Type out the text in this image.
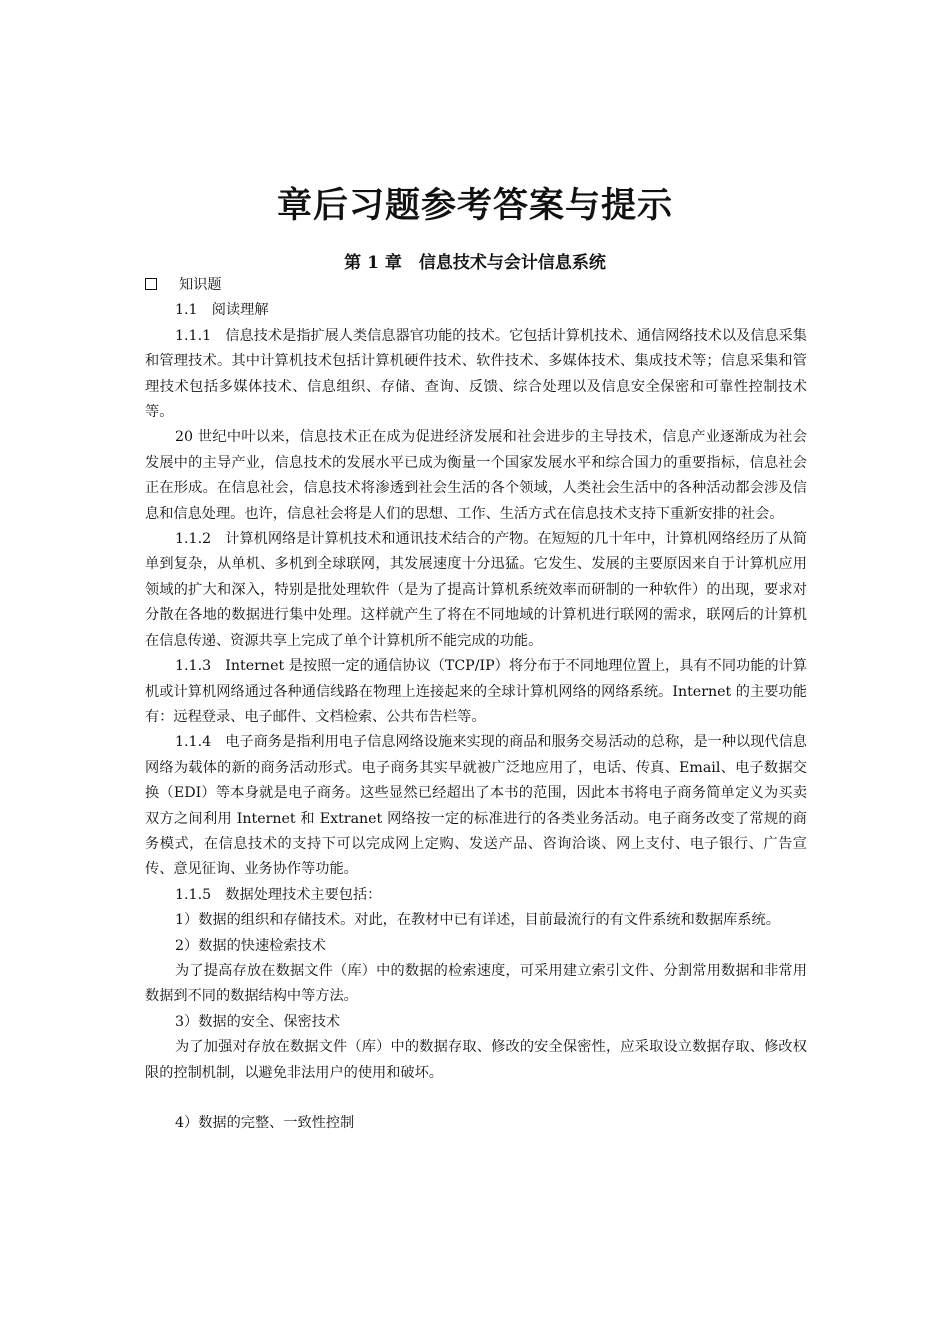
章后习题参考答案与提示
第 1 章　信息技术与会计信息系统

知识题

1.1　阅读理解

1.1.1　信息技术是指扩展人类信息器官功能的技术。它包括计算机技术、通信网络技术以及信息采集和管理技术。其中计算机技术包括计算机硬件技术、软件技术、多媒体技术、集成技术等；信息采集和管理技术包括多媒体技术、信息组织、存储、查询、反馈、综合处理以及信息安全保密和可靠性控制技术等。

20 世纪中叶以来，信息技术正在成为促进经济发展和社会进步的主导技术，信息产业逐渐成为社会发展中的主导产业，信息技术的发展水平已成为衡量一个国家发展水平和综合国力的重要指标，信息社会正在形成。在信息社会，信息技术将渗透到社会生活的各个领域，人类社会生活中的各种活动都会涉及信息和信息处理。也许，信息社会将是人们的思想、工作、生活方式在信息技术支持下重新安排的社会。

1.1.2　计算机网络是计算机技术和通讯技术结合的产物。在短短的几十年中，计算机网络经历了从简单到复杂，从单机、多机到全球联网，其发展速度十分迅猛。它发生、发展的主要原因来自于计算机应用领域的扩大和深入，特别是批处理软件（是为了提高计算机系统效率而研制的一种软件）的出现，要求对分散在各地的数据进行集中处理。这样就产生了将在不同地域的计算机进行联网的需求，联网后的计算机在信息传递、资源共享上完成了单个计算机所不能完成的功能。

1.1.3　Internet 是按照一定的通信协议（TCP/IP）将分布于不同地理位置上，具有不同功能的计算机或计算机网络通过各种通信线路在物理上连接起来的全球计算机网络的网络系统。Internet 的主要功能有：远程登录、电子邮件、文档检索、公共布告栏等。

1.1.4　电子商务是指利用电子信息网络设施来实现的商品和服务交易活动的总称，是一种以现代信息网络为载体的新的商务活动形式。电子商务其实早就被广泛地应用了，电话、传真、Email、电子数据交换（EDI）等本身就是电子商务。这些显然已经超出了本书的范围，因此本书将电子商务简单定义为买卖双方之间利用 Internet 和 Extranet 网络按一定的标准进行的各类业务活动。电子商务改变了常规的商务模式，在信息技术的支持下可以完成网上定购、发送产品、咨询洽谈、网上支付、电子银行、广告宣传、意见征询、业务协作等功能。

1.1.5　数据处理技术主要包括：

1）数据的组织和存储技术。对此，在教材中已有详述，目前最流行的有文件系统和数据库系统。

2）数据的快速检索技术

为了提高存放在数据文件（库）中的数据的检索速度，可采用建立索引文件、分割常用数据和非常用数据到不同的数据结构中等方法。

3）数据的安全、保密技术

为了加强对存放在数据文件（库）中的数据存取、修改的安全保密性，应采取设立数据存取、修改权限的控制机制，以避免非法用户的使用和破坏。

4）数据的完整、一致性控制
